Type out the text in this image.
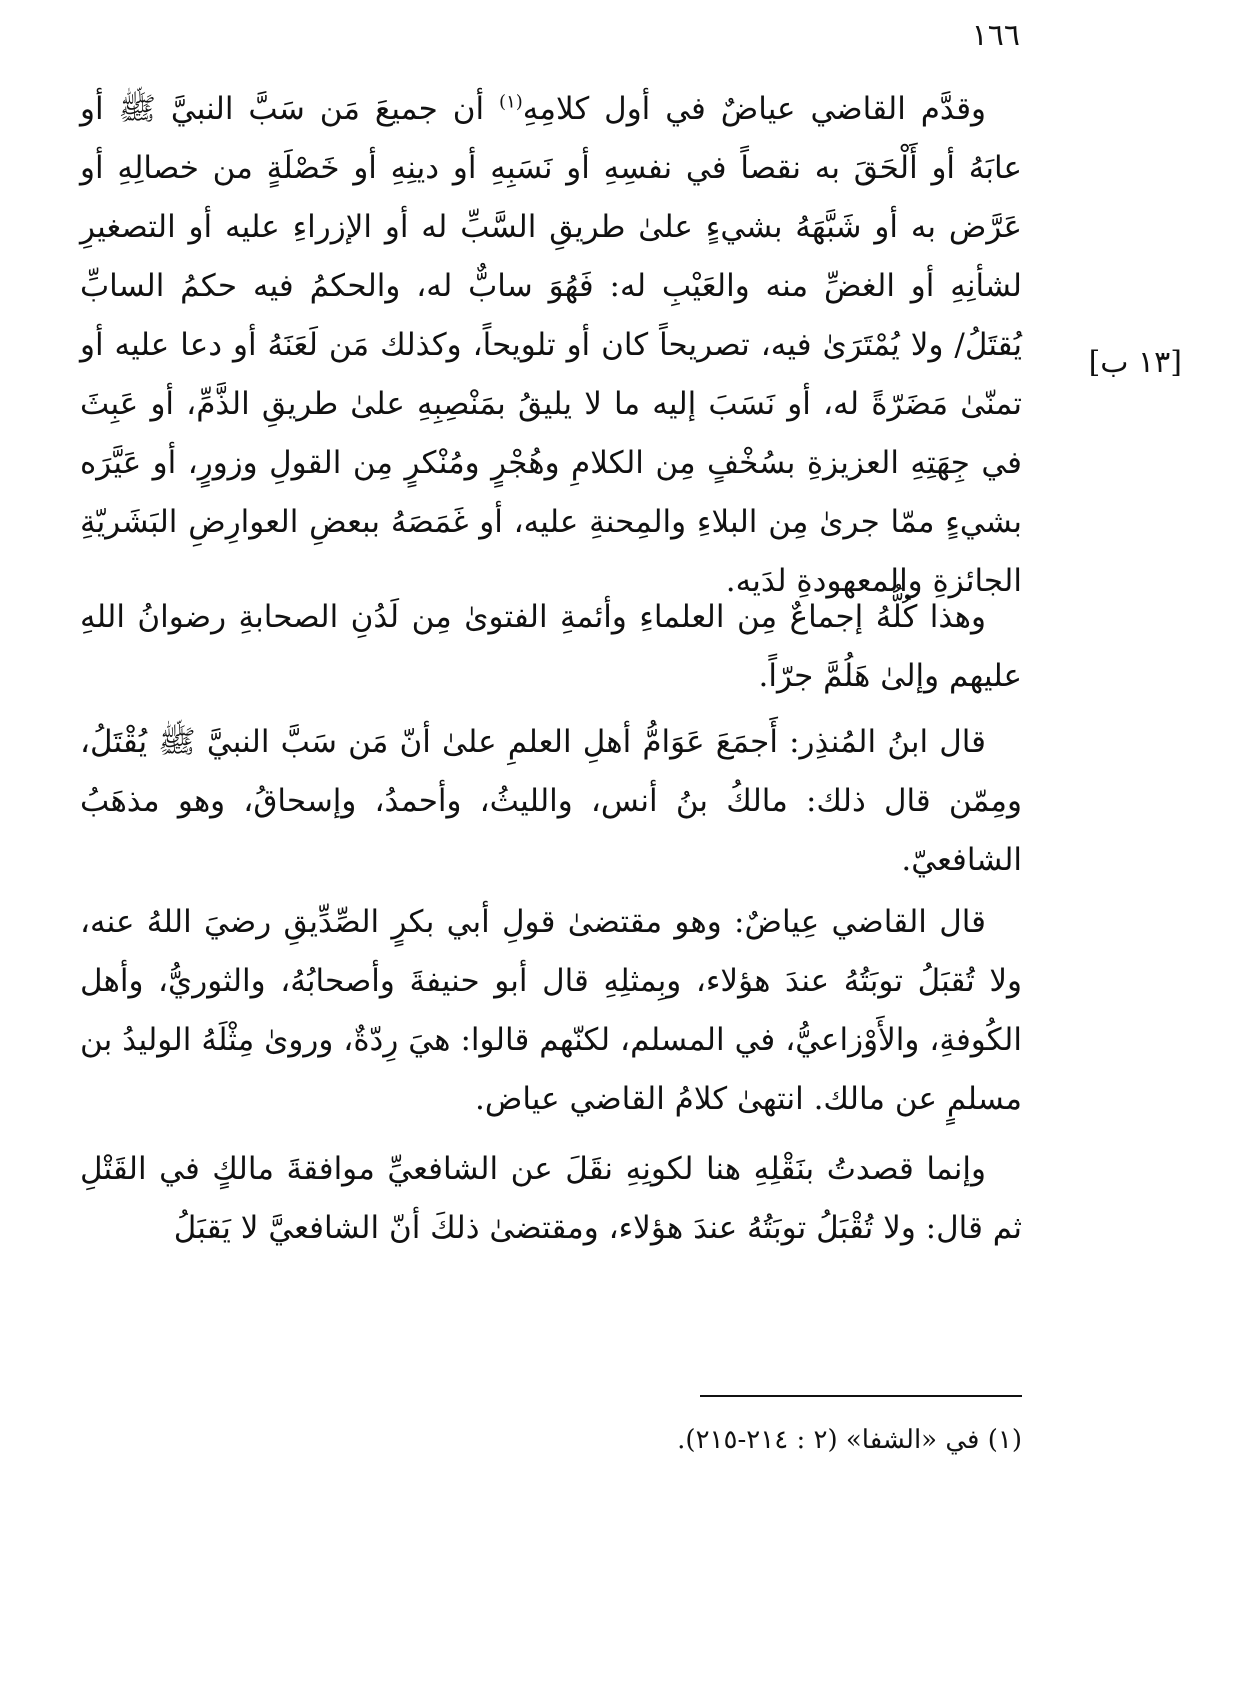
١٦٦
[١٣ ب]

وقدَّم القاضي عياضٌ في أول كلامِهِ$^{(١)}$ أن جميعَ مَن سَبَّ النبيَّ ﷺ أو عابَهُ أو أَلْحَقَ به نقصاً في نفسِهِ أو نَسَبِهِ أو دينِهِ أو خَصْلَةٍ من خصالِهِ أو عَرَّض به أو شَبَّهَهُ بشيءٍ علىٰ طريقِ السَّبِّ له أو الإزراءِ عليه أو التصغيرِ لشأنِهِ أو الغضِّ منه والعَيْبِ له: فَهُوَ سابٌّ له، والحكمُ فيه حكمُ السابِّ يُقتَلُ/ ولا يُمْتَرَىٰ فيه، تصريحاً كان أو تلويحاً، وكذلك مَن لَعَنَهُ أو دعا عليه أو تمنّىٰ مَضَرّةً له، أو نَسَبَ إليه ما لا يليقُ بمَنْصِبِهِ علىٰ طريقِ الذَّمِّ، أو عَبِثَ في جِهَتِهِ العزيزةِ بسُخْفٍ مِن الكلامِ وهُجْرٍ ومُنْكرٍ مِن القولِ وزورٍ، أو عَيَّرَه بشيءٍ ممّا جرىٰ مِن البلاءِ والمِحنةِ عليه، أو غَمَصَهُ ببعضِ العوارِضِ البَشَريّةِ الجائزةِ والمعهودةِ لدَيه.

وهذا كُلُّهُ إجماعٌ مِن العلماءِ وأئمةِ الفتوىٰ مِن لَدُنِ الصحابةِ رضوانُ اللهِ عليهم وإلىٰ هَلُمَّ جرّاً.

قال ابنُ المُنذِر: أَجمَعَ عَوَامُّ أهلِ العلمِ علىٰ أنّ مَن سَبَّ النبيَّ ﷺ يُقْتَلُ، ومِمّن قال ذلك: مالكُ بنُ أنس، والليثُ، وأحمدُ، وإسحاقُ، وهو مذهَبُ الشافعيّ.

قال القاضي عِياضٌ: وهو مقتضىٰ قولِ أبي بكرٍ الصِّدِّيقِ رضيَ اللهُ عنه، ولا تُقبَلُ توبَتُهُ عندَ هؤلاء، وبِمثلِهِ قال أبو حنيفةَ وأصحابُهُ، والثوريُّ، وأهل الكُوفةِ، والأَوْزاعيُّ، في المسلم، لكنّهم قالوا: هيَ رِدّةٌ، وروىٰ مِثْلَهُ الوليدُ بن مسلمٍ عن مالك. انتهىٰ كلامُ القاضي عياض.

وإنما قصدتُ بنَقْلِهِ هنا لكونِهِ نقَلَ عن الشافعيِّ موافقةَ مالكٍ في القَتْلِ ثم قال: ولا تُقْبَلُ توبَتُهُ عندَ هؤلاء، ومقتضىٰ ذلكَ أنّ الشافعيَّ لا يَقبَلُ

(١) في «الشفا» (٢ : ٢١٤-٢١٥).
